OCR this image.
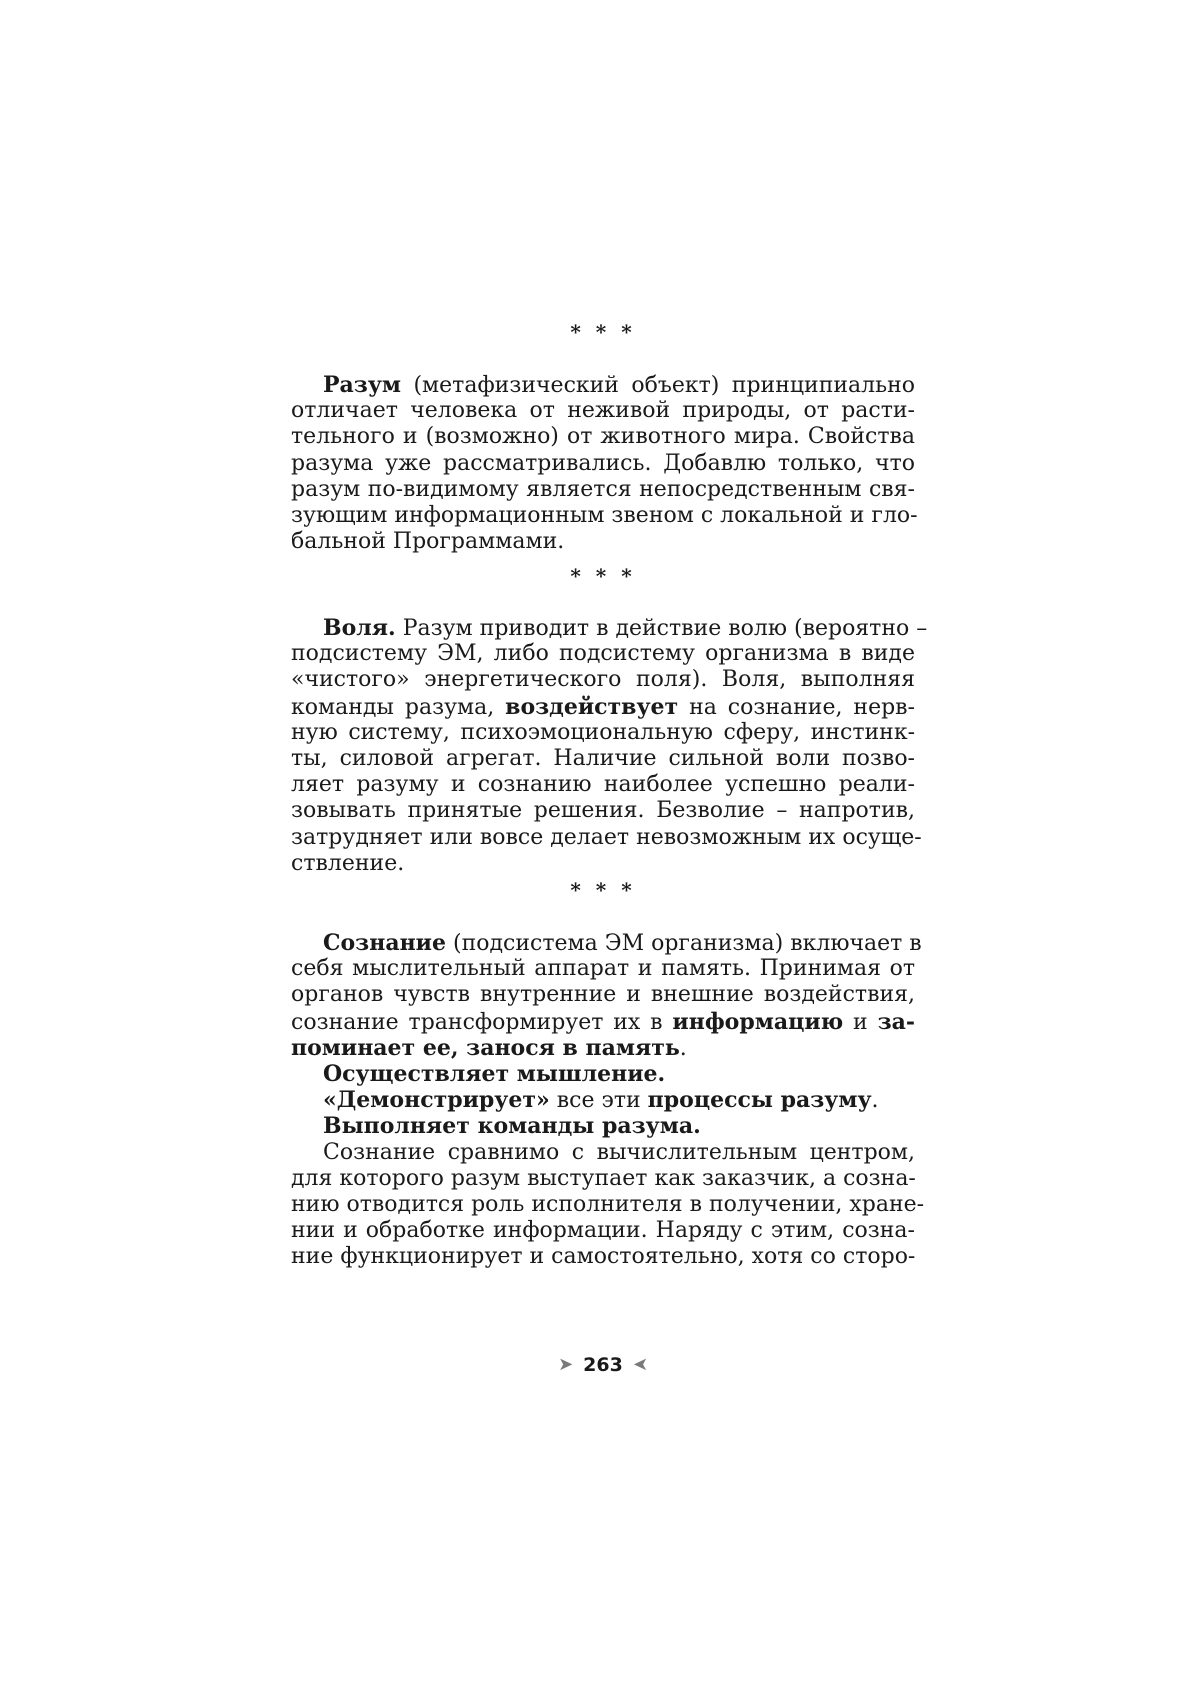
* * *
Разум (метафизический объект) принципиально
отличает человека от неживой природы, от расти-
тельного и (возможно) от животного мира. Свойства
разума уже рассматривались. Добавлю только, что
разум по-видимому является непосредственным свя-
зующим информационным звеном с локальной и гло-
бальной Программами.
* * *
Воля. Разум приводит в действие волю (вероятно –
подсистему ЭМ, либо подсистему организма в виде
«чистого» энергетического поля). Воля, выполняя
команды разума, воздействует на сознание, нерв-
ную систему, психоэмоциональную сферу, инстинк-
ты, силовой агрегат. Наличие сильной воли позво-
ляет разуму и сознанию наиболее успешно реали-
зовывать принятые решения. Безволие – напротив,
затрудняет или вовсе делает невозможным их осуще-
ствление.
* * *
Сознание (подсистема ЭМ организма) включает в
себя мыслительный аппарат и память. Принимая от
органов чувств внутренние и внешние воздействия,
сознание трансформирует их в информацию и за-
поминает ее, занося в память.
Осуществляет мышление.
«Демонстрирует» все эти процессы разуму.
Выполняет команды разума.
Сознание сравнимо с вычислительным центром,
для которого разум выступает как заказчик, а созна-
нию отводится роль исполнителя в получении, хране-
нии и обработке информации. Наряду с этим, созна-
ние функционирует и самостоятельно, хотя со сторо-
➤ 263 ➤
